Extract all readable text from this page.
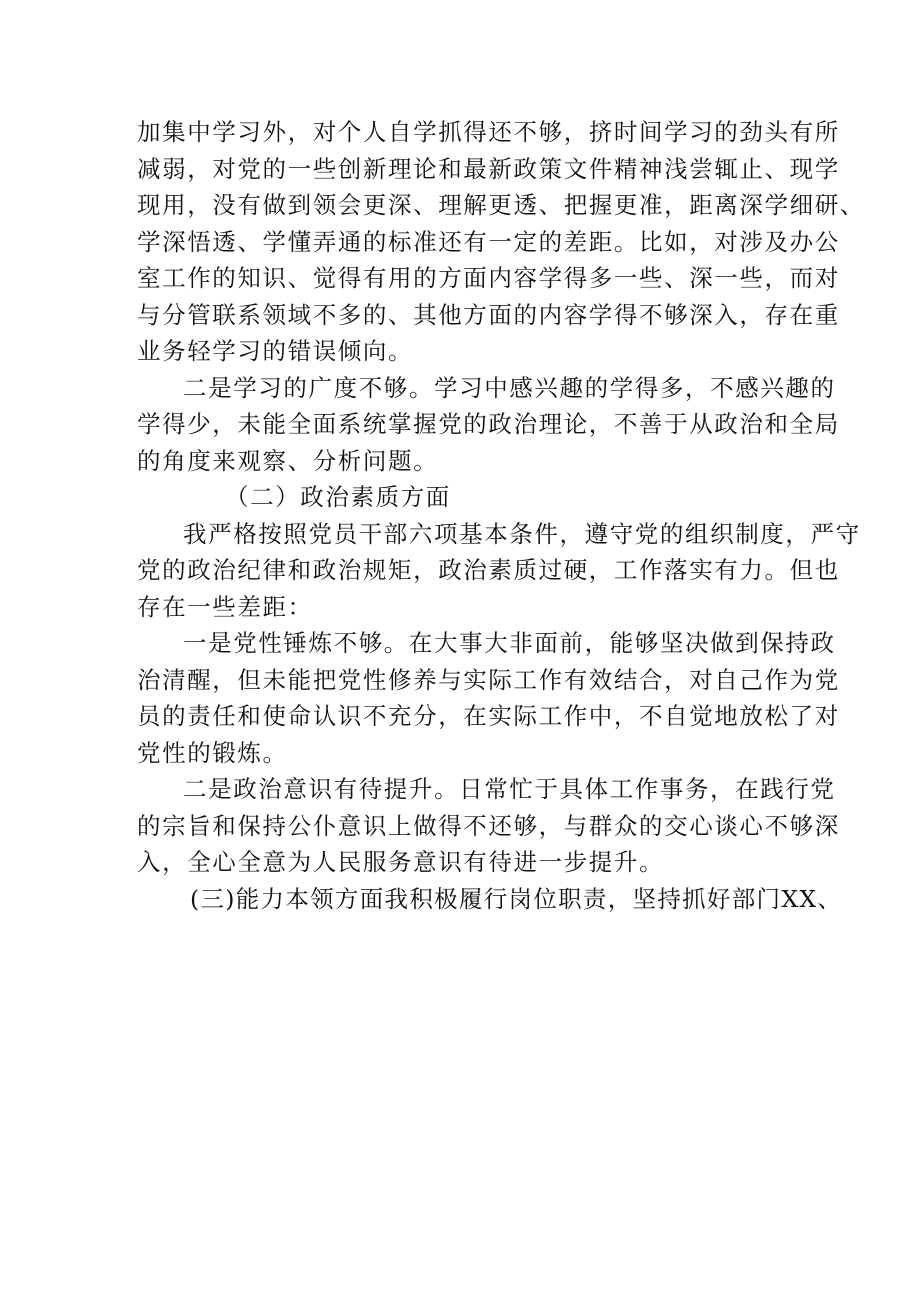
加集中学习外，对个人自学抓得还不够，挤时间学习的劲头有所
减弱，对党的一些创新理论和最新政策文件精神浅尝辄止、现学
现用，没有做到领会更深、理解更透、把握更准，距离深学细研、
学深悟透、学懂弄通的标准还有一定的差距。比如，对涉及办公
室工作的知识、觉得有用的方面内容学得多一些、深一些，而对
与分管联系领域不多的、其他方面的内容学得不够深入，存在重
业务轻学习的错误倾向。
二是学习的广度不够。学习中感兴趣的学得多，不感兴趣的
学得少，未能全面系统掌握党的政治理论，不善于从政治和全局
的角度来观察、分析问题。
（二）政治素质方面
我严格按照党员干部六项基本条件，遵守党的组织制度，严守
党的政治纪律和政治规矩，政治素质过硬，工作落实有力。但也
存在一些差距：
一是党性锤炼不够。在大事大非面前，能够坚决做到保持政
治清醒，但未能把党性修养与实际工作有效结合，对自己作为党
员的责任和使命认识不充分，在实际工作中，不自觉地放松了对
党性的锻炼。
二是政治意识有待提升。日常忙于具体工作事务，在践行党
的宗旨和保持公仆意识上做得不还够，与群众的交心谈心不够深
入，全心全意为人民服务意识有待进一步提升。
(三)能力本领方面我积极履行岗位职责，坚持抓好部门XX、
